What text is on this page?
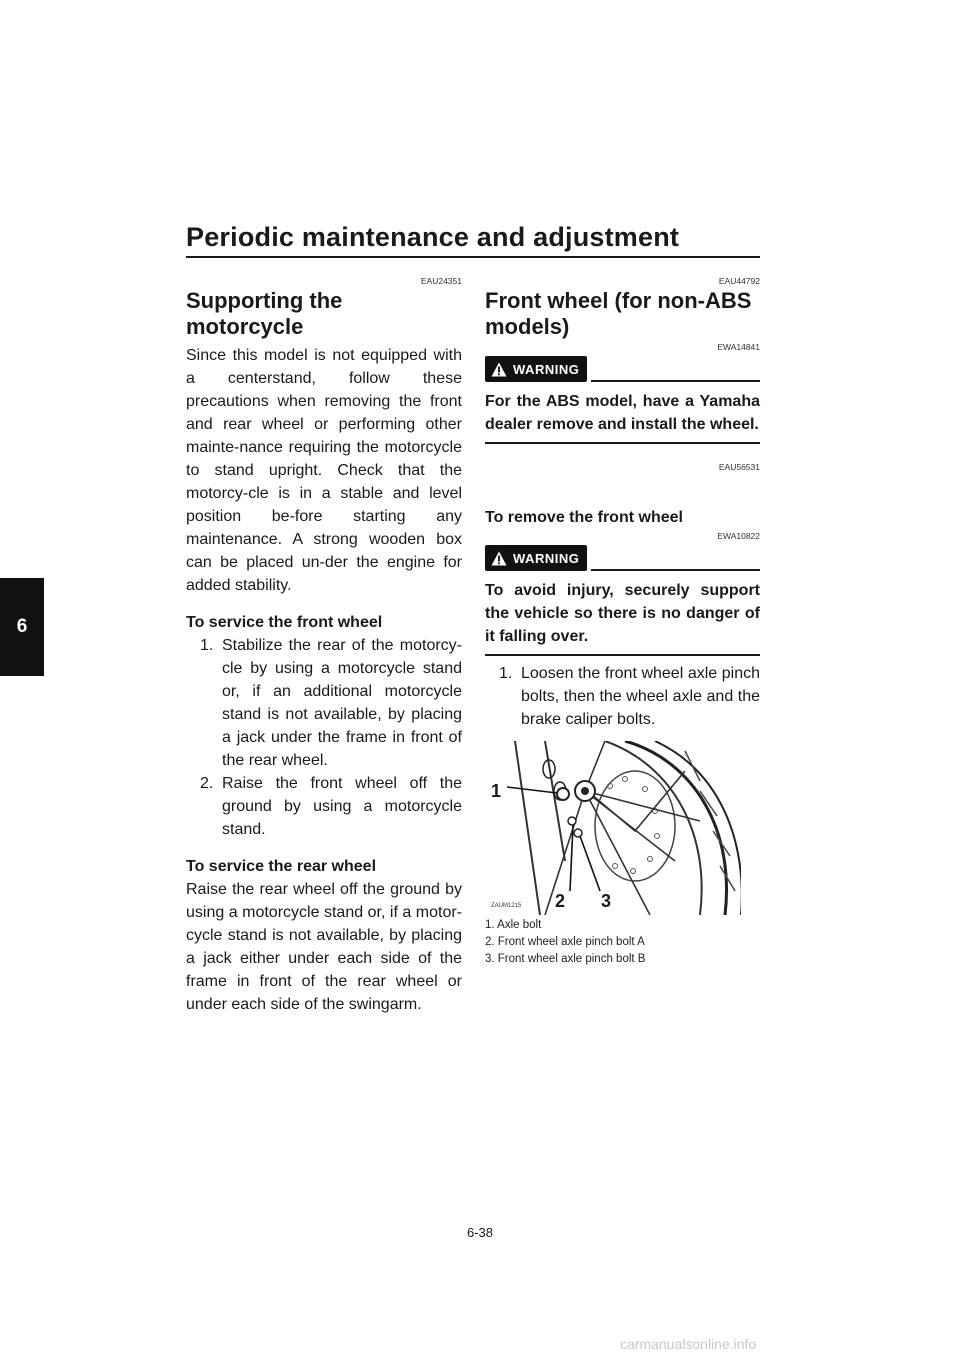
Periodic maintenance and adjustment
6
EAU24351
Supporting the motorcycle
Since this model is not equipped with a centerstand, follow these precautions when removing the front and rear wheel or performing other mainte-nance requiring the motorcycle to stand upright. Check that the motorcy-cle is in a stable and level position be-fore starting any maintenance. A strong wooden box can be placed un-der the engine for added stability.
To service the front wheel
1. Stabilize the rear of the motorcy-cle by using a motorcycle stand or, if an additional motorcycle stand is not available, by placing a jack under the frame in front of the rear wheel.
2. Raise the front wheel off the ground by using a motorcycle stand.
To service the rear wheel
Raise the rear wheel off the ground by using a motorcycle stand or, if a motor-cycle stand is not available, by placing a jack either under each side of the frame in front of the rear wheel or under each side of the swingarm.
EAU44792
Front wheel (for non-ABS
models)
EWA14841
WARNING
For the ABS model, have a Yamaha dealer remove and install the wheel.
EAU56531
To remove the front wheel
EWA10822
WARNING
To avoid injury, securely support the vehicle so there is no danger of it falling over.
1. Loosen the front wheel axle pinch bolts, then the wheel axle and the brake caliper bolts.
1
2 3
ZAUM1215
1. Axle bolt
2. Front wheel axle pinch bolt A
3. Front wheel axle pinch bolt B
6-38
carmanualsonline.info
